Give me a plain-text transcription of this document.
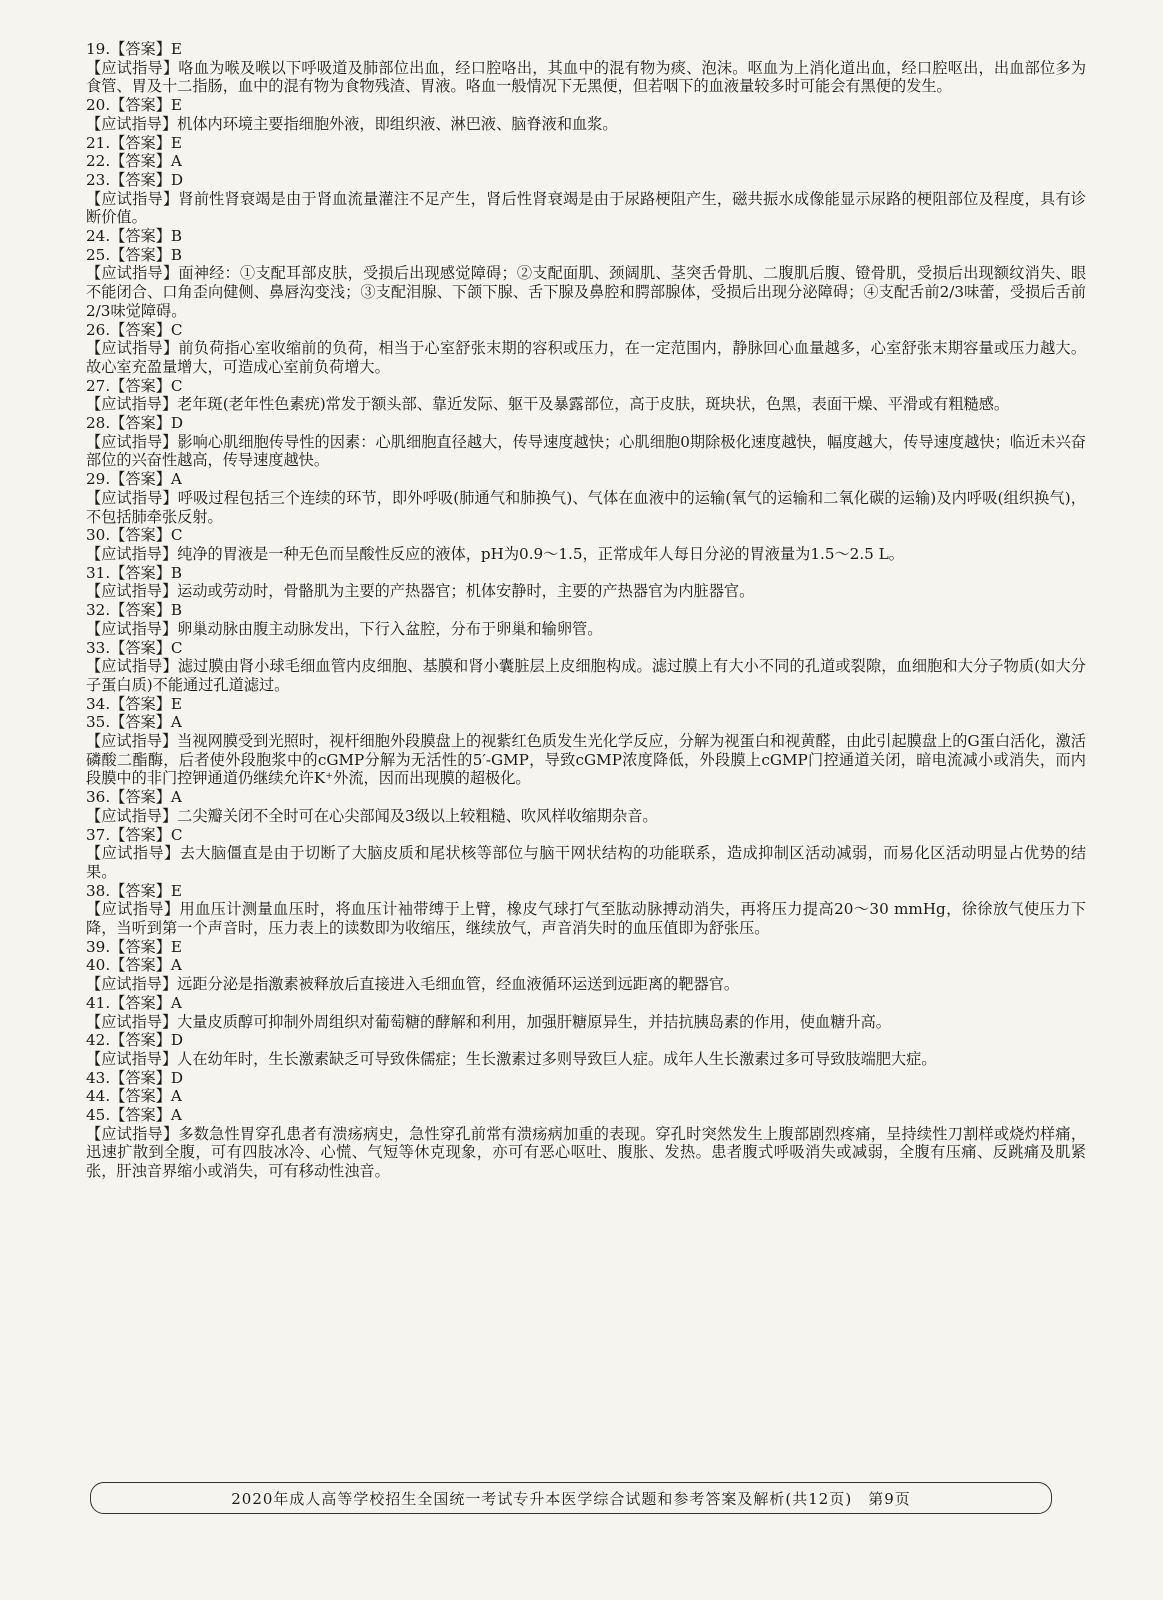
19.【答案】E
【应试指导】咯血为喉及喉以下呼吸道及肺部位出血，经口腔咯出，其血中的混有物为痰、泡沫。呕血为上消化道出血，经口腔呕出，出血部位多为食管、胃及十二指肠，血中的混有物为食物残渣、胃液。咯血一般情况下无黑便，但若咽下的血液量较多时可能会有黑便的发生。
20.【答案】E
【应试指导】机体内环境主要指细胞外液，即组织液、淋巴液、脑脊液和血浆。
21.【答案】E
22.【答案】A
23.【答案】D
【应试指导】肾前性肾衰竭是由于肾血流量灌注不足产生，肾后性肾衰竭是由于尿路梗阻产生，磁共振水成像能显示尿路的梗阻部位及程度，具有诊断价值。
24.【答案】B
25.【答案】B
【应试指导】面神经：①支配耳部皮肤，受损后出现感觉障碍；②支配面肌、颈阔肌、茎突舌骨肌、二腹肌后腹、镫骨肌，受损后出现额纹消失、眼不能闭合、口角歪向健侧、鼻唇沟变浅；③支配泪腺、下颌下腺、舌下腺及鼻腔和腭部腺体，受损后出现分泌障碍；④支配舌前2/3味蕾，受损后舌前2/3味觉障碍。
26.【答案】C
【应试指导】前负荷指心室收缩前的负荷，相当于心室舒张末期的容积或压力，在一定范围内，静脉回心血量越多，心室舒张末期容量或压力越大。故心室充盈量增大，可造成心室前负荷增大。
27.【答案】C
【应试指导】老年斑(老年性色素疣)常发于额头部、靠近发际、躯干及暴露部位，高于皮肤，斑块状，色黑，表面干燥、平滑或有粗糙感。
28.【答案】D
【应试指导】影响心肌细胞传导性的因素：心肌细胞直径越大，传导速度越快；心肌细胞0期除极化速度越快，幅度越大，传导速度越快；临近未兴奋部位的兴奋性越高，传导速度越快。
29.【答案】A
【应试指导】呼吸过程包括三个连续的环节，即外呼吸(肺通气和肺换气)、气体在血液中的运输(氧气的运输和二氧化碳的运输)及内呼吸(组织换气)，不包括肺牵张反射。
30.【答案】C
【应试指导】纯净的胃液是一种无色而呈酸性反应的液体，pH为0.9～1.5，正常成年人每日分泌的胃液量为1.5～2.5 L。
31.【答案】B
【应试指导】运动或劳动时，骨骼肌为主要的产热器官；机体安静时，主要的产热器官为内脏器官。
32.【答案】B
【应试指导】卵巢动脉由腹主动脉发出，下行入盆腔，分布于卵巢和输卵管。
33.【答案】C
【应试指导】滤过膜由肾小球毛细血管内皮细胞、基膜和肾小囊脏层上皮细胞构成。滤过膜上有大小不同的孔道或裂隙，血细胞和大分子物质(如大分子蛋白质)不能通过孔道滤过。
34.【答案】E
35.【答案】A
【应试指导】当视网膜受到光照时，视杆细胞外段膜盘上的视紫红色质发生光化学反应，分解为视蛋白和视黄醛，由此引起膜盘上的G蛋白活化，激活磷酸二酯酶，后者使外段胞浆中的cGMP分解为无活性的5′-GMP，导致cGMP浓度降低，外段膜上cGMP门控通道关闭，暗电流减小或消失，而内段膜中的非门控钾通道仍继续允许K⁺外流，因而出现膜的超极化。
36.【答案】A
【应试指导】二尖瓣关闭不全时可在心尖部闻及3级以上较粗糙、吹风样收缩期杂音。
37.【答案】C
【应试指导】去大脑僵直是由于切断了大脑皮质和尾状核等部位与脑干网状结构的功能联系，造成抑制区活动减弱，而易化区活动明显占优势的结果。
38.【答案】E
【应试指导】用血压计测量血压时，将血压计袖带缚于上臂，橡皮气球打气至肱动脉搏动消失，再将压力提高20～30 mmHg，徐徐放气使压力下降，当听到第一个声音时，压力表上的读数即为收缩压，继续放气，声音消失时的血压值即为舒张压。
39.【答案】E
40.【答案】A
【应试指导】远距分泌是指激素被释放后直接进入毛细血管，经血液循环运送到远距离的靶器官。
41.【答案】A
【应试指导】大量皮质醇可抑制外周组织对葡萄糖的酵解和利用，加强肝糖原异生，并拮抗胰岛素的作用，使血糖升高。
42.【答案】D
【应试指导】人在幼年时，生长激素缺乏可导致侏儒症；生长激素过多则导致巨人症。成年人生长激素过多可导致肢端肥大症。
43.【答案】D
44.【答案】A
45.【答案】A
【应试指导】多数急性胃穿孔患者有溃疡病史，急性穿孔前常有溃疡病加重的表现。穿孔时突然发生上腹部剧烈疼痛，呈持续性刀割样或烧灼样痛，迅速扩散到全腹，可有四肢冰冷、心慌、气短等休克现象，亦可有恶心呕吐、腹胀、发热。患者腹式呼吸消失或减弱，全腹有压痛、反跳痛及肌紧张，肝浊音界缩小或消失，可有移动性浊音。
2020年成人高等学校招生全国统一考试专升本医学综合试题和参考答案及解析(共12页)　第9页
